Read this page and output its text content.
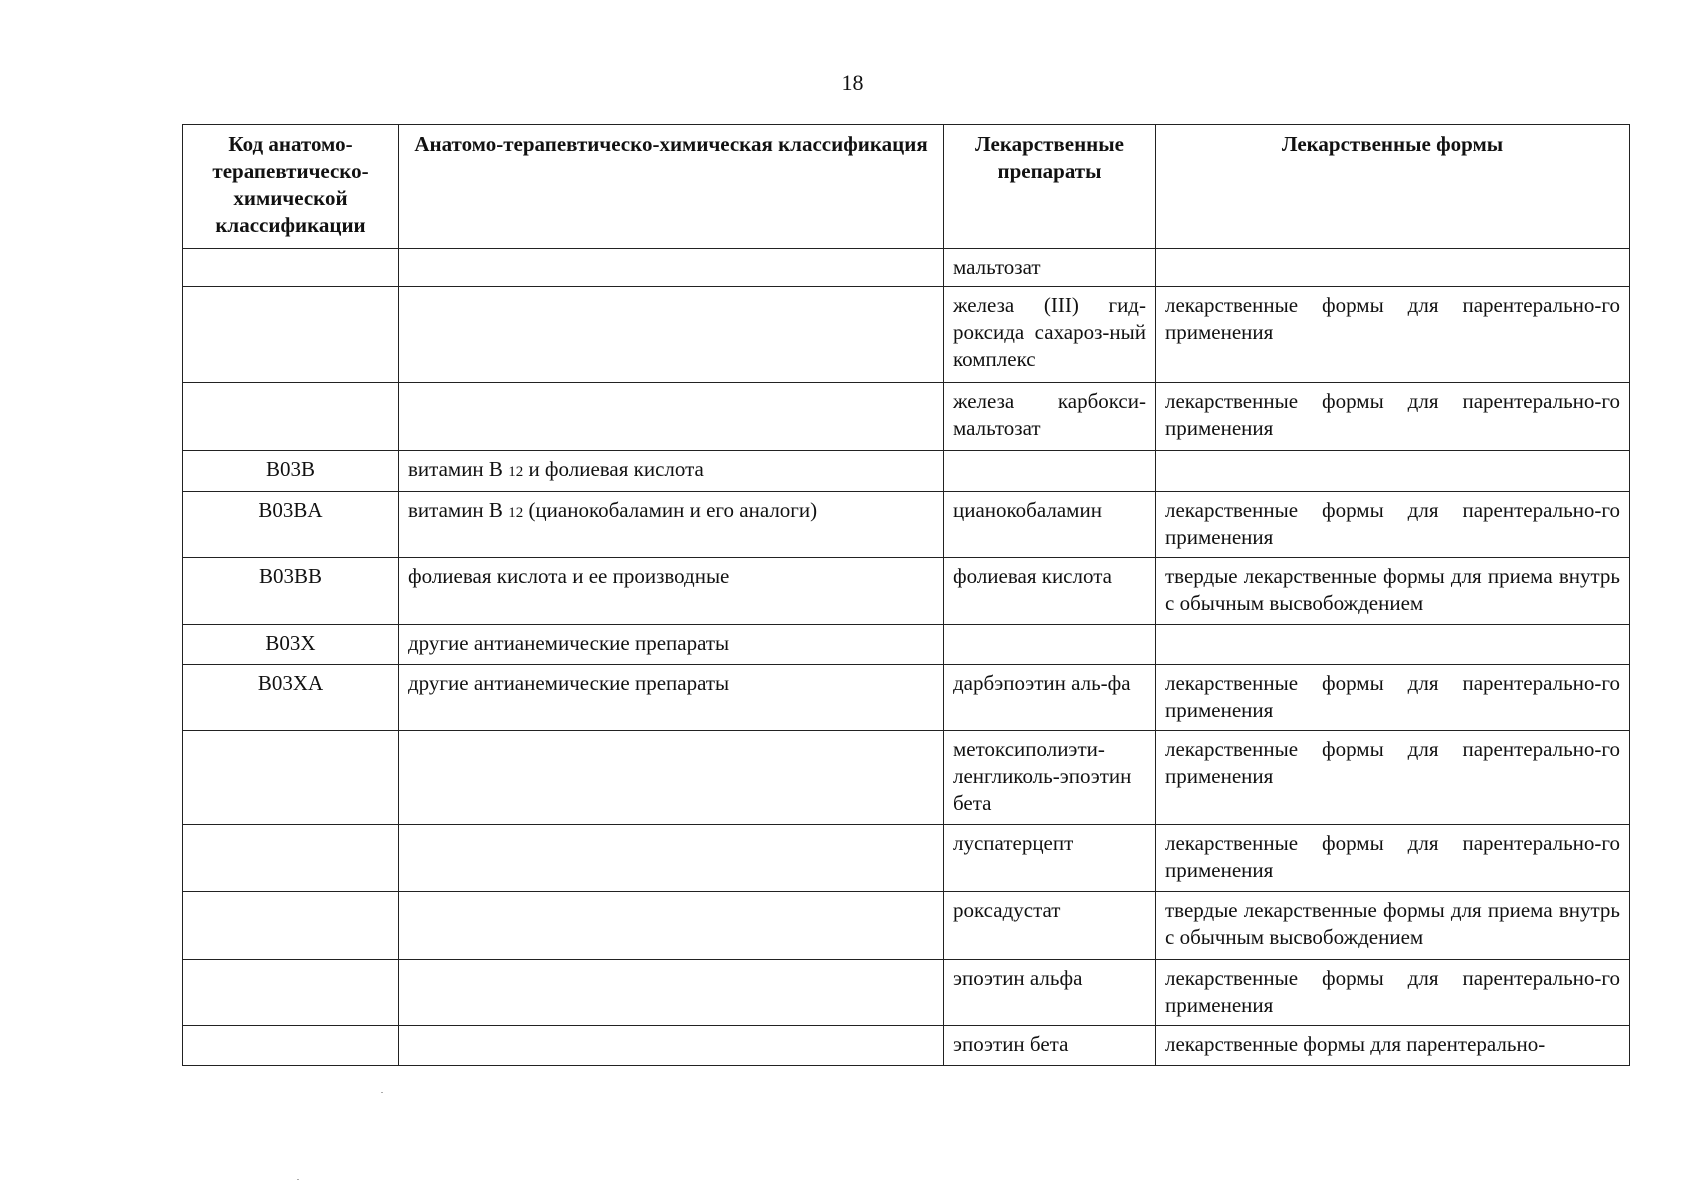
18
Код анатомо-терапевтическо-химической классификации	Анатомо-терапевтическо-химическая классификация	Лекарственные препараты	Лекарственные формы
		мальтозат	
		железа (III) гид-роксида сахароз-ный комплекс	лекарственные формы для парентерально-го применения
		железа карбокси-мальтозат	лекарственные формы для парентерально-го применения
B03B	витамин B 12 и фолиевая кислота		
B03BA	витамин B 12 (цианокобаламин и его аналоги)	цианокобаламин	лекарственные формы для парентерально-го применения
B03BB	фолиевая кислота и ее производные	фолиевая кислота	твердые лекарственные формы для приема внутрь с обычным высвобождением
B03X	другие антианемические препараты		
B03XA	другие антианемические препараты	дарбэпоэтин аль-фа	лекарственные формы для парентерально-го применения
		метоксиполиэти-ленгликоль-эпоэтин бета	лекарственные формы для парентерально-го применения
		луспатерцепт	лекарственные формы для парентерально-го применения
		роксадустат	твердые лекарственные формы для приема внутрь с обычным высвобождением
		эпоэтин альфа	лекарственные формы для парентерально-го применения
		эпоэтин бета	лекарственные формы для парентерально-
